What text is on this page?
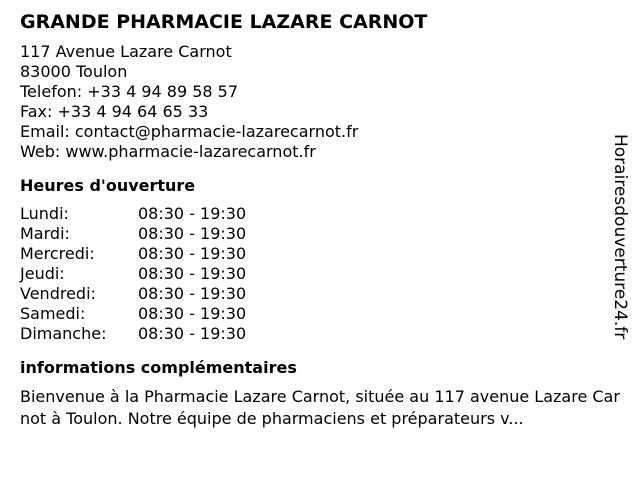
GRANDE PHARMACIE LAZARE CARNOT
117 Avenue Lazare Carnot
83000 Toulon
Telefon: +33 4 94 89 58 57
Fax: +33 4 94 64 65 33
Email: contact@pharmacie-lazarecarnot.fr
Web: www.pharmacie-lazarecarnot.fr
Heures d'ouverture
Lundi:	08:30 - 19:30
Mardi:	08:30 - 19:30
Mercredi:	08:30 - 19:30
Jeudi:	08:30 - 19:30
Vendredi:	08:30 - 19:30
Samedi:	08:30 - 19:30
Dimanche:	08:30 - 19:30
informations complémentaires

Bienvenue à la Pharmacie Lazare Carnot, située au 117 avenue Lazare Carnot à Toulon. Notre équipe de pharmaciens et préparateurs v...

Horairesdouverture24.fr
